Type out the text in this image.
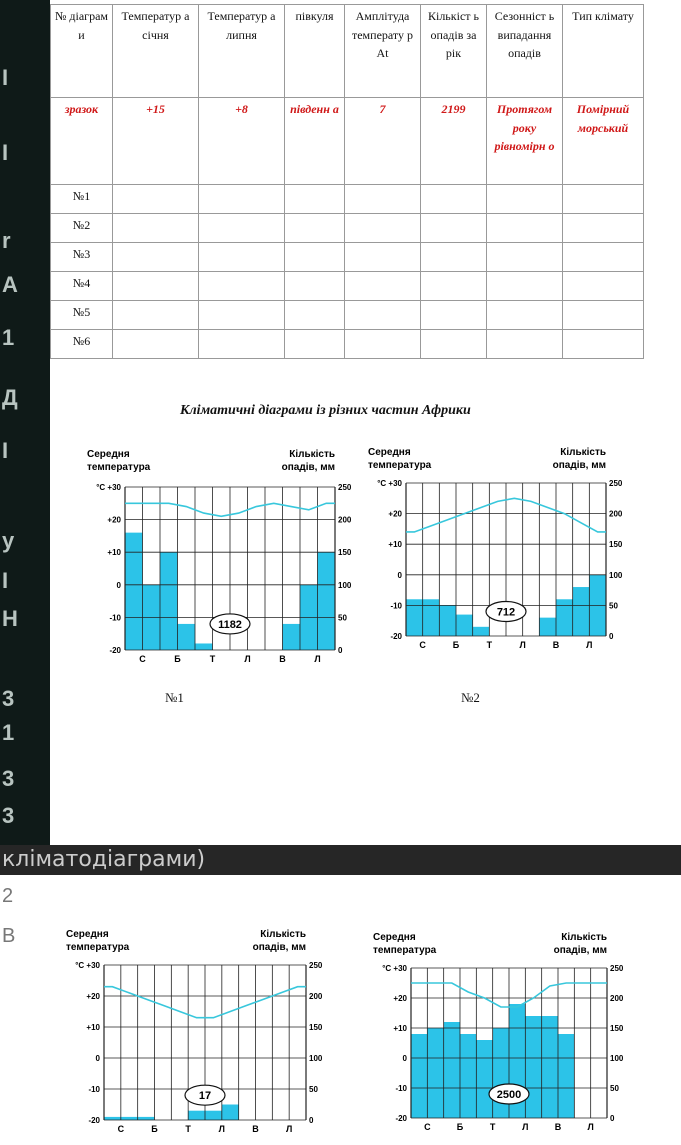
I
I
r
A
1
Д
I
y
I
H
3
1
3
3
№ діаграм и	Температур а січня	Температур а липня	півкуля	Амплітуда температу р At	Кількіст ь опадів за рік	Сезонніст ь випадання опадів	Тип клімату
зразок	+15	+8	південн а	7	2199	Протягом року рівномірн о	Помірний морський
№1							
№2							
№3							
№4							
№5							
№6							
Кліматичні діаграми із різних частин Африки
Середня
температура
Кількість
опадів, мм
-20
-10
0
+10
+20
°C +30
0
50
100
150
200
250
С	Б	Т	Л	В	Л
1182
Середня
температура
Кількість
опадів, мм
-20
-10
0
+10
+20
°C +30
0
50
100
150
200
250
С	Б	Т	Л	В	Л
712
№1	№2
кліматодіаграми)
2
B	Середня
температура
Кількість
опадів, мм
-20
-10
0
+10
+20
°C +30
0
50
100
150
200
250
С	Б	Т	Л	В	Л
17
Середня
температура
Кількість
опадів, мм
-20
-10
0
+10
+20
°C +30
0
50
100
150
200
250
С	Б	Т	Л	В	Л
2500
